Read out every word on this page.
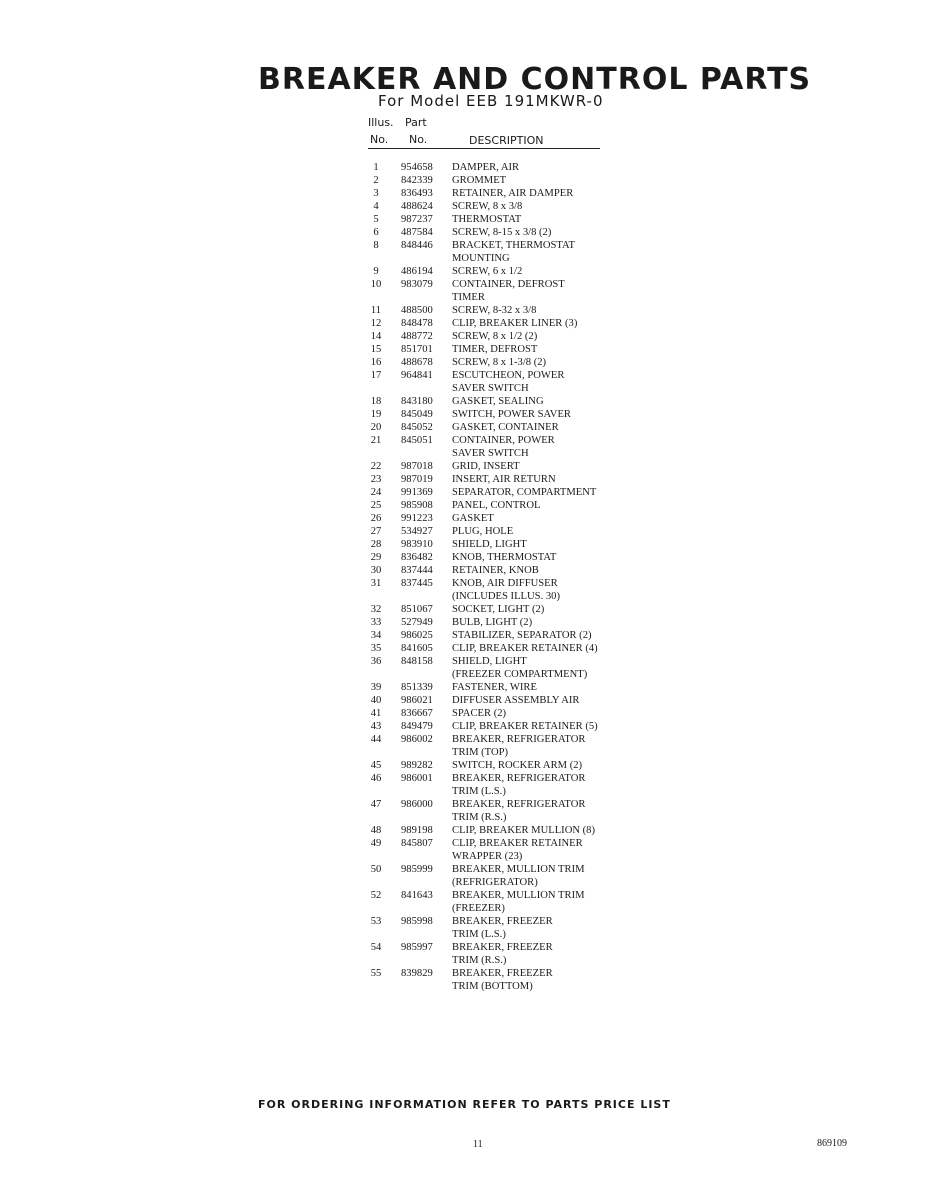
BREAKER AND CONTROL PARTS
For Model EEB 191MKWR-0
Illus. Part
No. No.	DESCRIPTION
1	954658	DAMPER, AIR
2	842339	GROMMET
3	836493	RETAINER, AIR DAMPER
4	488624	SCREW, 8 x 3/8
5	987237	THERMOSTAT
6	487584	SCREW, 8-15 x 3/8 (2)
8	848446	BRACKET, THERMOSTAT
MOUNTING
9	486194	SCREW, 6 x 1/2
10	983079	CONTAINER, DEFROST
TIMER
11	488500	SCREW, 8-32 x 3/8
12	848478	CLIP, BREAKER LINER (3)
14	488772	SCREW, 8 x 1/2 (2)
15	851701	TIMER, DEFROST
16	488678	SCREW, 8 x 1-3/8 (2)
17	964841	ESCUTCHEON, POWER
SAVER SWITCH
18	843180	GASKET, SEALING
19	845049	SWITCH, POWER SAVER
20	845052	GASKET, CONTAINER
21	845051	CONTAINER, POWER
SAVER SWITCH
22	987018	GRID, INSERT
23	987019	INSERT, AIR RETURN
24	991369	SEPARATOR, COMPARTMENT
25	985908	PANEL, CONTROL
26	991223	GASKET
27	534927	PLUG, HOLE
28	983910	SHIELD, LIGHT
29	836482	KNOB, THERMOSTAT
30	837444	RETAINER, KNOB
31	837445	KNOB, AIR DIFFUSER
(INCLUDES ILLUS. 30)
32	851067	SOCKET, LIGHT (2)
33	527949	BULB, LIGHT (2)
34	986025	STABILIZER, SEPARATOR (2)
35	841605	CLIP, BREAKER RETAINER (4)
36	848158	SHIELD, LIGHT
(FREEZER COMPARTMENT)
39	851339	FASTENER, WIRE
40	986021	DIFFUSER ASSEMBLY AIR
41	836667	SPACER (2)
43	849479	CLIP, BREAKER RETAINER (5)
44	986002	BREAKER, REFRIGERATOR
TRIM (TOP)
45	989282	SWITCH, ROCKER ARM (2)
46	986001	BREAKER, REFRIGERATOR
TRIM (L.S.)
47	986000	BREAKER, REFRIGERATOR
TRIM (R.S.)
48	989198	CLIP, BREAKER MULLION (8)
49	845807	CLIP, BREAKER RETAINER
WRAPPER (23)
50	985999	BREAKER, MULLION TRIM
(REFRIGERATOR)
52	841643	BREAKER, MULLION TRIM
(FREEZER)
53	985998	BREAKER, FREEZER
TRIM (L.S.)
54	985997	BREAKER, FREEZER
TRIM (R.S.)
55	839829	BREAKER, FREEZER
TRIM (BOTTOM)
FOR ORDERING INFORMATION REFER TO PARTS PRICE LIST
11	869109
